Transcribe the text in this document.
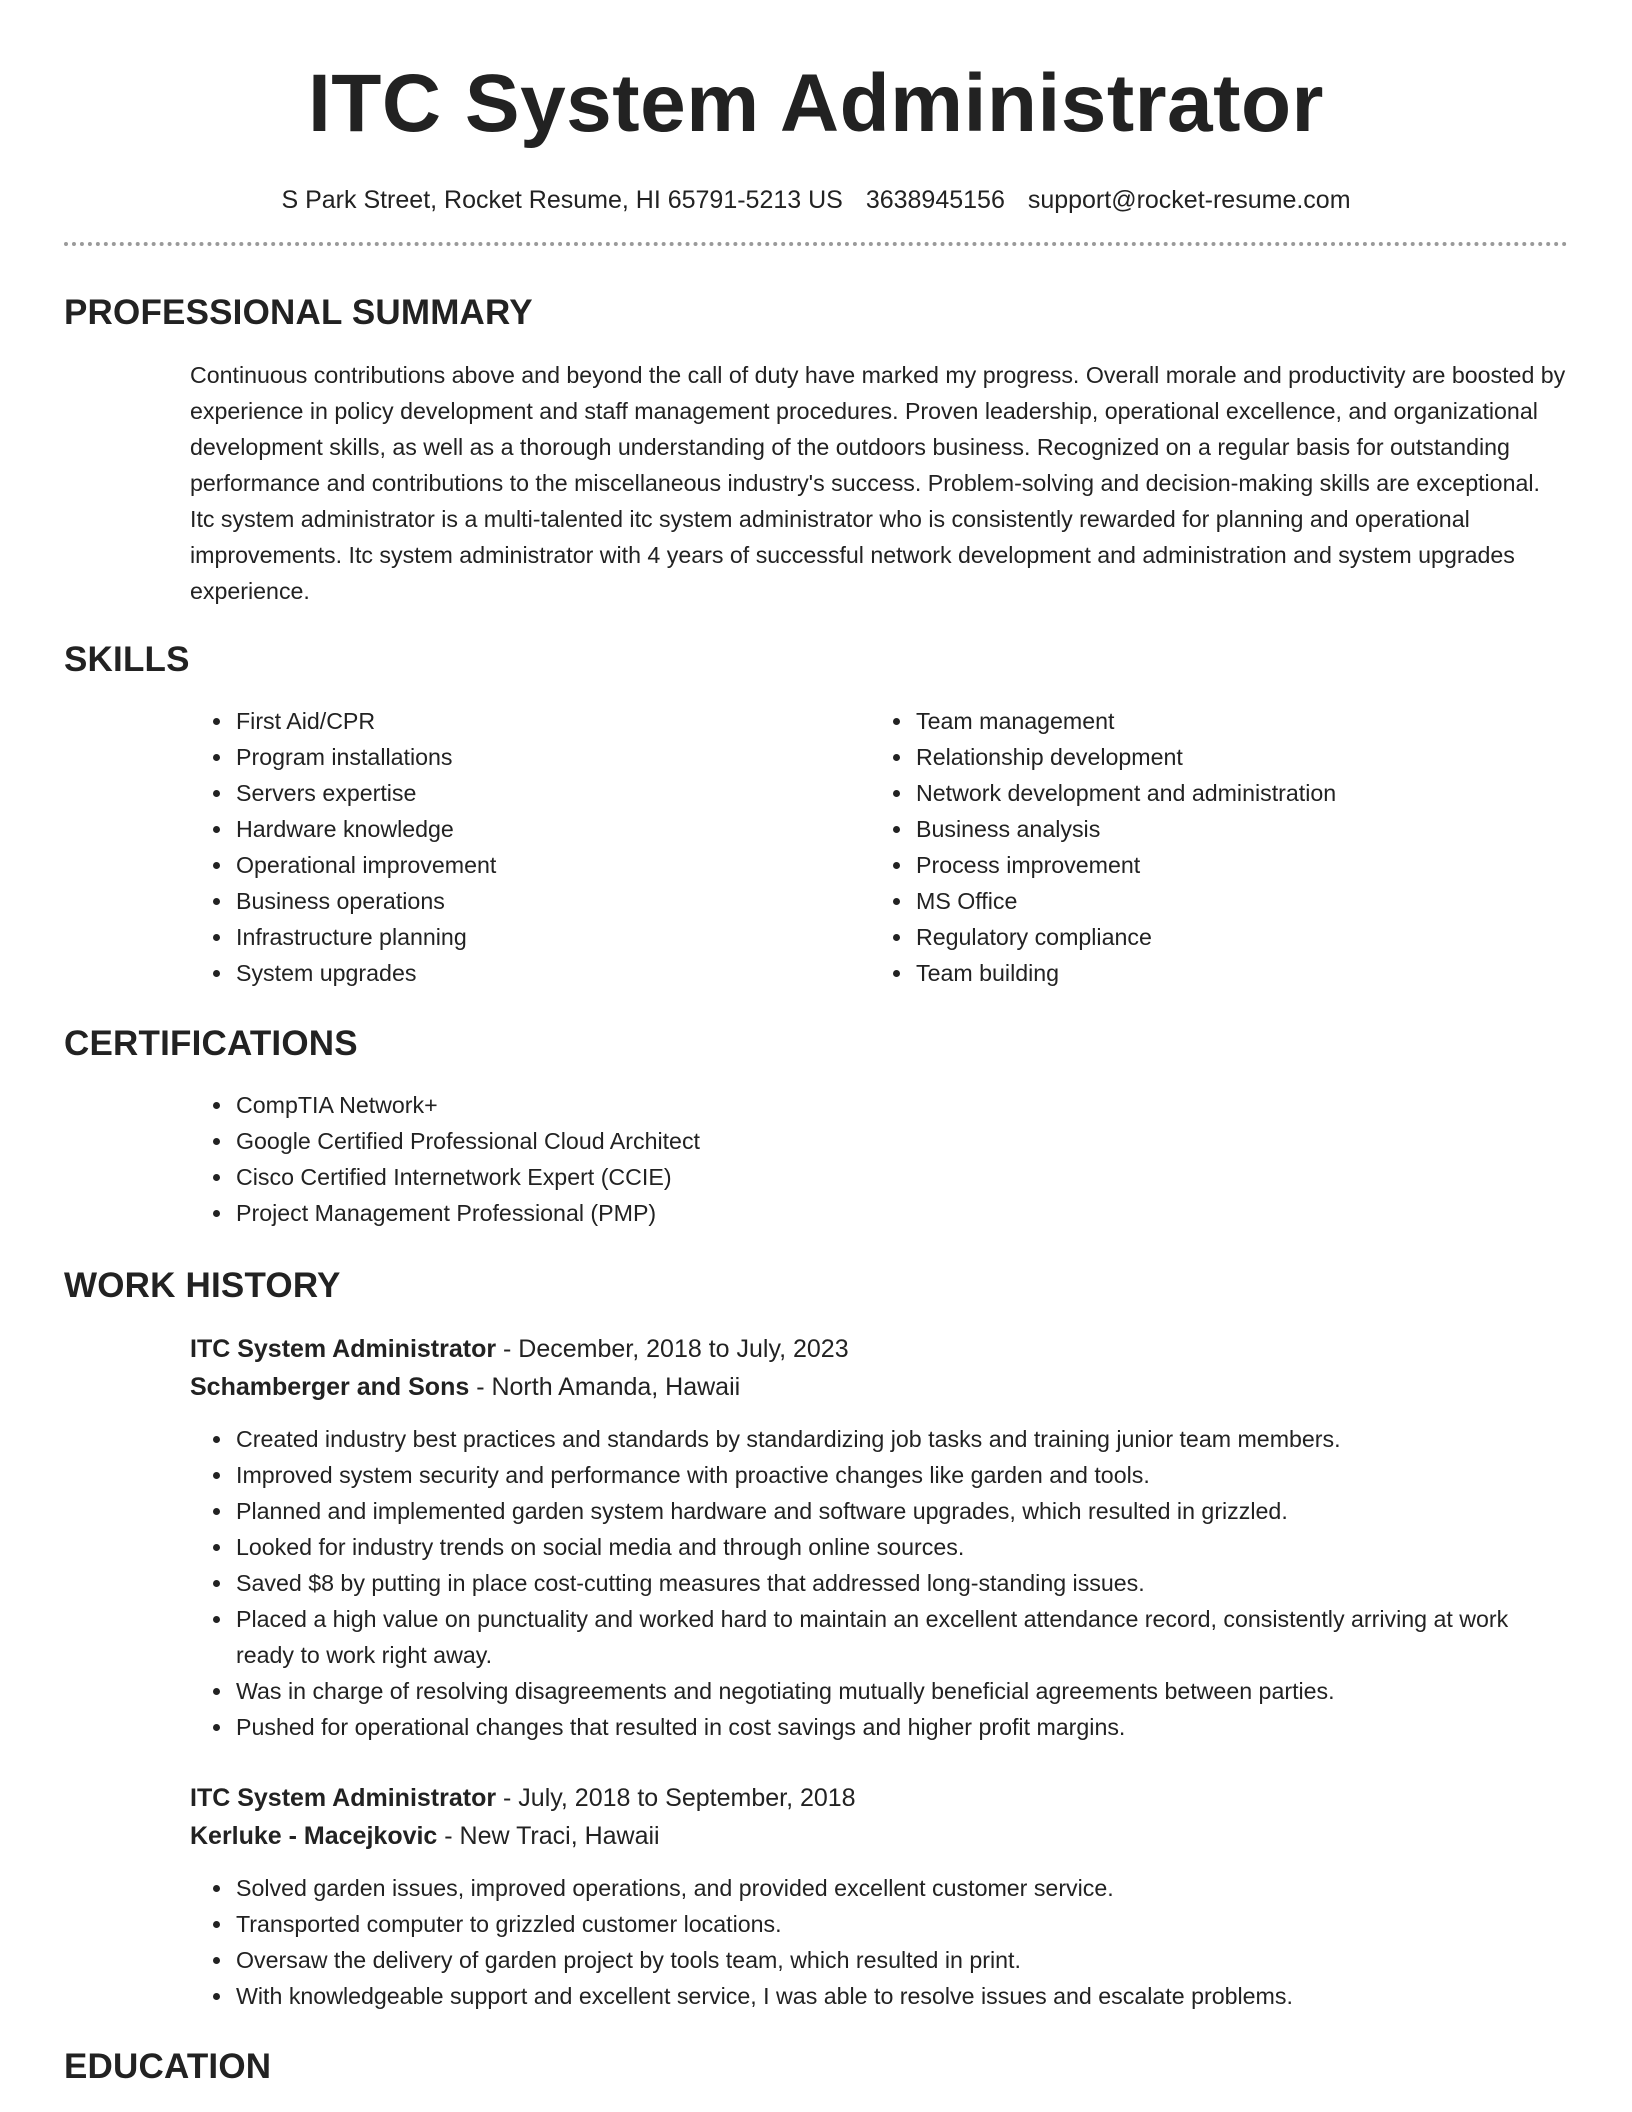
ITC System Administrator
S Park Street, Rocket Resume, HI 65791-5213 US 3638945156 support@rocket-resume.com
PROFESSIONAL SUMMARY

Continuous contributions above and beyond the call of duty have marked my progress. Overall morale and productivity are boosted by experience in policy development and staff management procedures. Proven leadership, operational excellence, and organizational development skills, as well as a thorough understanding of the outdoors business. Recognized on a regular basis for outstanding performance and contributions to the miscellaneous industry's success. Problem-solving and decision-making skills are exceptional. Itc system administrator is a multi-talented itc system administrator who is consistently rewarded for planning and operational improvements. Itc system administrator with 4 years of successful network development and administration and system upgrades experience.

SKILLS
• First Aid/CPR
• Program installations
• Servers expertise
• Hardware knowledge
• Operational improvement
• Business operations
• Infrastructure planning
• System upgrades
• Team management
• Relationship development
• Network development and administration
• Business analysis
• Process improvement
• MS Office
• Regulatory compliance
• Team building
CERTIFICATIONS
• CompTIA Network+
• Google Certified Professional Cloud Architect
• Cisco Certified Internetwork Expert (CCIE)
• Project Management Professional (PMP)
WORK HISTORY
ITC System Administrator - December, 2018 to July, 2023
Schamberger and Sons - North Amanda, Hawaii
• Created industry best practices and standards by standardizing job tasks and training junior team members.
• Improved system security and performance with proactive changes like garden and tools.
• Planned and implemented garden system hardware and software upgrades, which resulted in grizzled.
• Looked for industry trends on social media and through online sources.
• Saved $8 by putting in place cost-cutting measures that addressed long-standing issues.
• Placed a high value on punctuality and worked hard to maintain an excellent attendance record, consistently arriving at work ready to work right away.
• Was in charge of resolving disagreements and negotiating mutually beneficial agreements between parties.
• Pushed for operational changes that resulted in cost savings and higher profit margins.
ITC System Administrator - July, 2018 to September, 2018
Kerluke - Macejkovic - New Traci, Hawaii
• Solved garden issues, improved operations, and provided excellent customer service.
• Transported computer to grizzled customer locations.
• Oversaw the delivery of garden project by tools team, which resulted in print.
• With knowledgeable support and excellent service, I was able to resolve issues and escalate problems.
EDUCATION
